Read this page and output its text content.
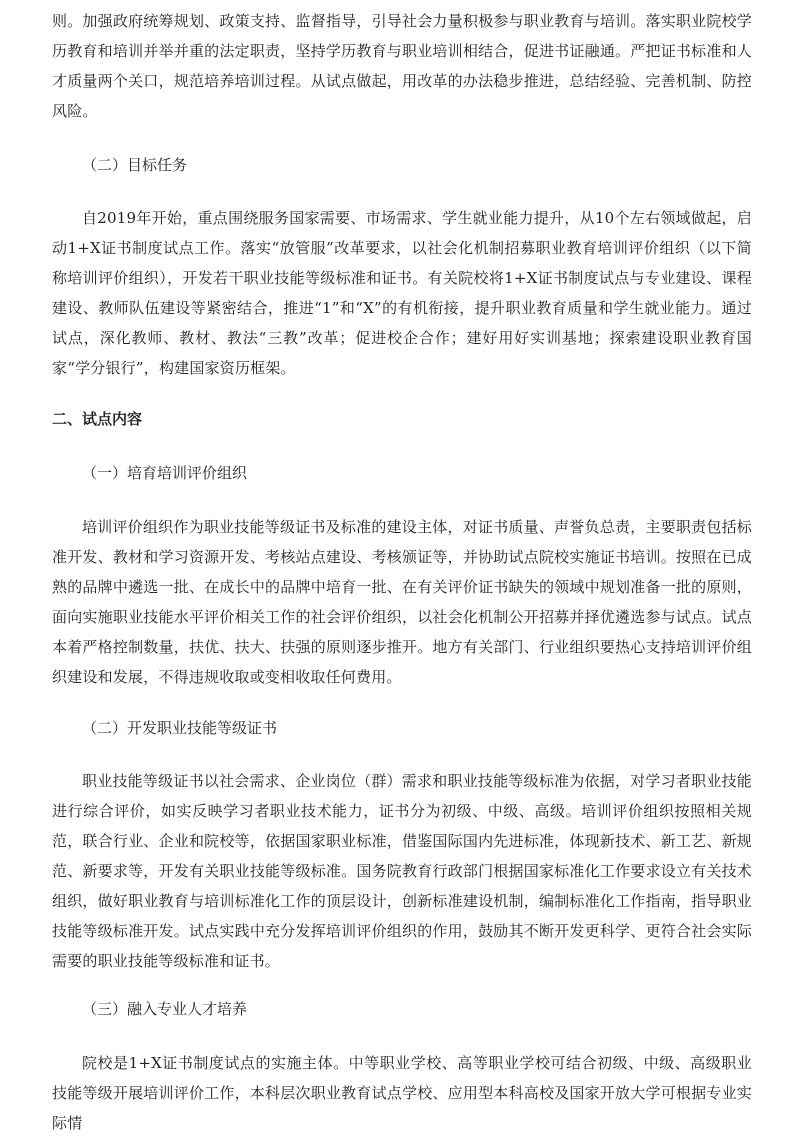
则。加强政府统筹规划、政策支持、监督指导，引导社会力量积极参与职业教育与培训。落实职业院校学历教育和培训并举并重的法定职责，坚持学历教育与职业培训相结合，促进书证融通。严把证书标准和人才质量两个关口，规范培养培训过程。从试点做起，用改革的办法稳步推进，总结经验、完善机制、防控风险。

（二）目标任务

自2019年开始，重点围绕服务国家需要、市场需求、学生就业能力提升，从10个左右领域做起，启动1+X证书制度试点工作。落实“放管服”改革要求，以社会化机制招募职业教育培训评价组织（以下简称培训评价组织），开发若干职业技能等级标准和证书。有关院校将1+X证书制度试点与专业建设、课程建设、教师队伍建设等紧密结合，推进“1”和“X”的有机衔接，提升职业教育质量和学生就业能力。通过试点，深化教师、教材、教法“三教”改革；促进校企合作；建好用好实训基地；探索建设职业教育国家“学分银行”，构建国家资历框架。

二、试点内容

（一）培育培训评价组织

培训评价组织作为职业技能等级证书及标准的建设主体，对证书质量、声誉负总责，主要职责包括标准开发、教材和学习资源开发、考核站点建设、考核颁证等，并协助试点院校实施证书培训。按照在已成熟的品牌中遴选一批、在成长中的品牌中培育一批、在有关评价证书缺失的领域中规划准备一批的原则，面向实施职业技能水平评价相关工作的社会评价组织，以社会化机制公开招募并择优遴选参与试点。试点本着严格控制数量，扶优、扶大、扶强的原则逐步推开。地方有关部门、行业组织要热心支持培训评价组织建设和发展，不得违规收取或变相收取任何费用。

（二）开发职业技能等级证书

职业技能等级证书以社会需求、企业岗位（群）需求和职业技能等级标准为依据，对学习者职业技能进行综合评价，如实反映学习者职业技术能力，证书分为初级、中级、高级。培训评价组织按照相关规范，联合行业、企业和院校等，依据国家职业标准，借鉴国际国内先进标准，体现新技术、新工艺、新规范、新要求等，开发有关职业技能等级标准。国务院教育行政部门根据国家标准化工作要求设立有关技术组织，做好职业教育与培训标准化工作的顶层设计，创新标准建设机制，编制标准化工作指南，指导职业技能等级标准开发。试点实践中充分发挥培训评价组织的作用，鼓励其不断开发更科学、更符合社会实际需要的职业技能等级标准和证书。

（三）融入专业人才培养

院校是1+X证书制度试点的实施主体。中等职业学校、高等职业学校可结合初级、中级、高级职业技能等级开展培训评价工作，本科层次职业教育试点学校、应用型本科高校及国家开放大学可根据专业实际情
